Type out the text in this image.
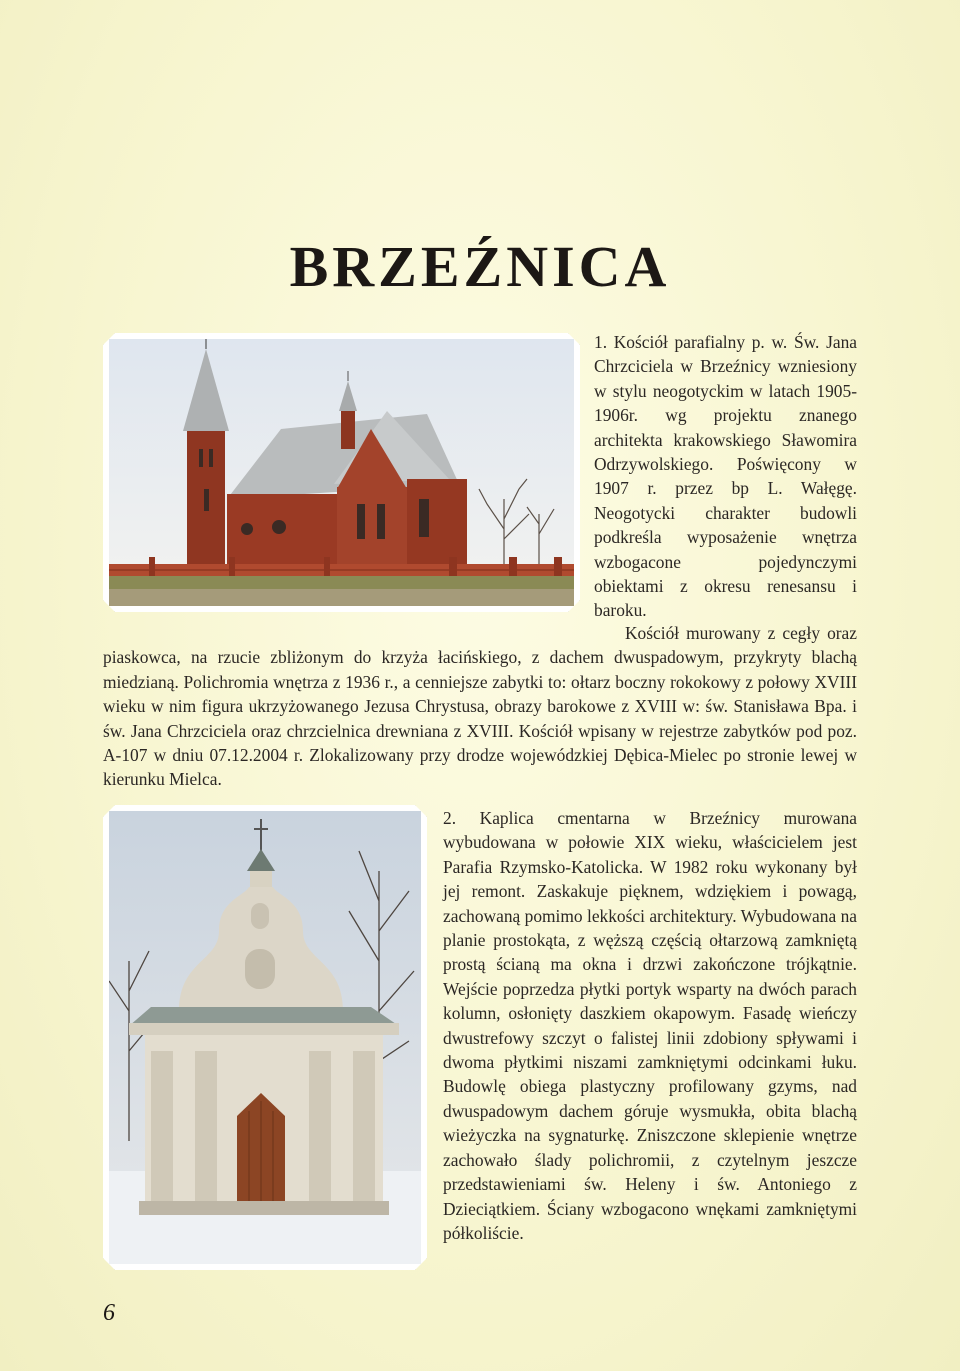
BRZEŹNICA

1. Kościół parafialny p. w. Św. Jana Chrzciciela w Brzeźnicy wzniesiony w stylu neogotyckim w latach 1905-1906r. wg projektu znanego architekta krakowskiego Sławomira Odrzywolskiego. Poświęcony w 1907 r. przez bp L. Wałęgę. Neogotycki charakter budowli podkreśla wyposażenie wnętrza wzbogacone pojedynczymi obiektami z okresu renesansu i baroku.

Kościół murowany z cegły oraz piaskowca, na rzucie zbliżonym do krzyża łacińskiego, z dachem dwuspadowym, przykryty blachą miedzianą. Polichromia wnętrza z 1936 r., a cenniejsze zabytki to: ołtarz boczny rokokowy z połowy XVIII wieku w nim figura ukrzyżowanego Jezusa Chrystusa, obrazy barokowe z XVIII w: św. Stanisława Bpa. i św. Jana Chrzciciela oraz chrzcielnica drewniana z XVIII. Kościół wpisany w rejestrze zabytków pod poz. A-107 w dniu 07.12.2004 r. Zlokalizowany przy drodze wojewódzkiej Dębica-Mielec po stronie lewej w kierunku Mielca.

2. Kaplica cmentarna w Brzeźnicy murowana wybudowana w połowie XIX wieku, właścicielem jest Parafia Rzymsko-Katolicka. W 1982 roku wykonany był jej remont. Zaskakuje pięknem, wdziękiem i powagą, zachowaną pomimo lekkości architektury. Wybudowana na planie prostokąta, z węższą częścią ołtarzową zamkniętą prostą ścianą ma okna i drzwi zakończone trójkątnie. Wejście poprzedza płytki portyk wsparty na dwóch parach kolumn, osłonięty daszkiem okapowym. Fasadę wieńczy dwustrefowy szczyt o falistej linii zdobiony spływami i dwoma płytkimi niszami zamkniętymi odcinkami łuku. Budowlę obiega plastyczny profilowany gzyms, nad dwuspadowym dachem góruje wysmukła, obita blachą wieżyczka na sygnaturkę. Zniszczone sklepienie wnętrze zachowało ślady polichromii, z czytelnym jeszcze przedstawieniami św. Heleny i św. Antoniego z Dzieciątkiem. Ściany wzbogacono wnękami zamkniętymi półkoliście.

6
